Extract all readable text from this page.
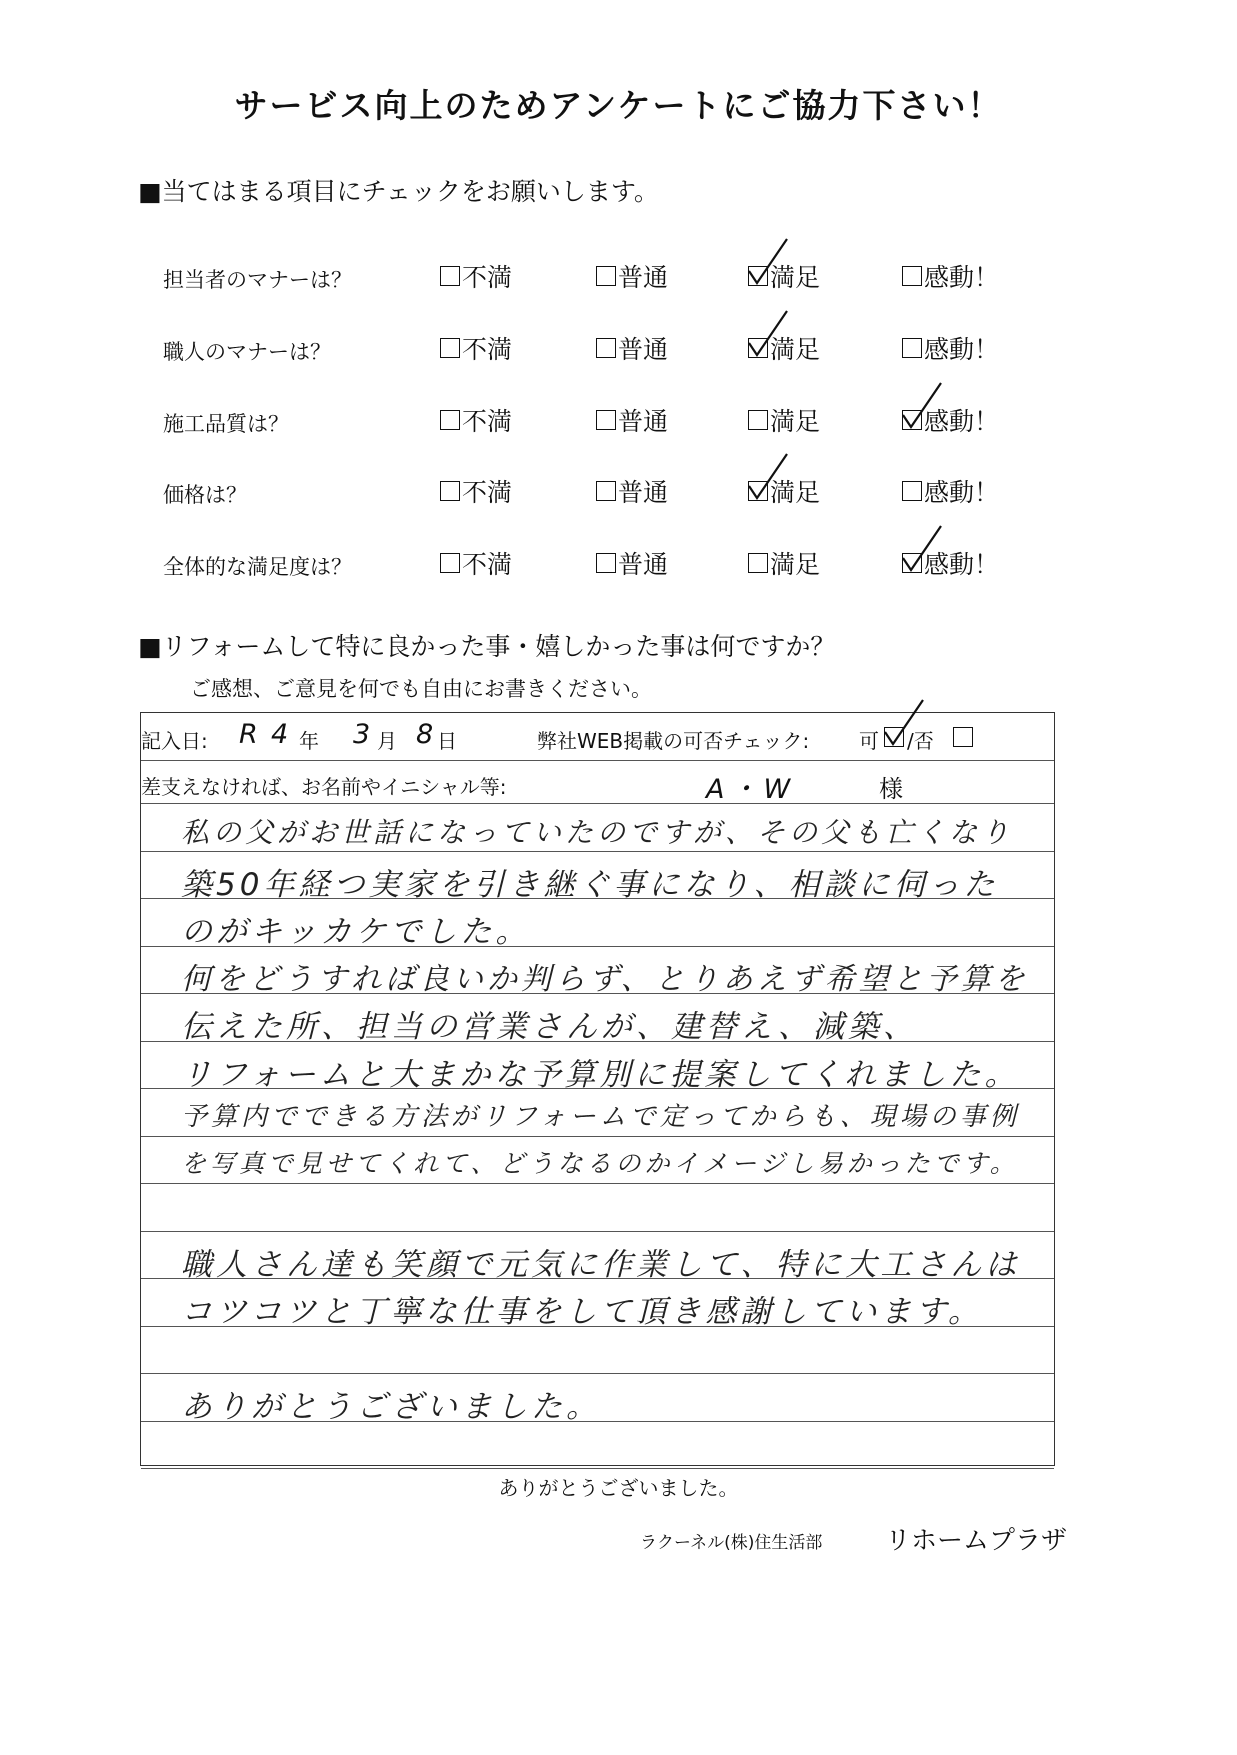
サービス向上のためアンケートにご協力下さい！
■当てはまる項目にチェックをお願いします。
担当者のマナーは？	不満	普通	満足	感動！
職人のマナーは？	不満	普通	満足	感動！
施工品質は？	不満	普通	満足	感動！
価格は？	不満	普通	満足	感動！
全体的な満足度は？	不満	普通	満足	感動！
■リフォームして特に良かった事・嬉しかった事は何ですか？
ご感想、ご意見を何でも自由にお書きください。
記入日: R 4 年 3 月 8 日	弊社WEB掲載の可否チェック: 可 /否
差支えなければ、お名前やイニシャル等:	A・W	様
私の父がお世話になっていたのですが、その父も亡くなり
築50年経つ実家を引き継ぐ事になり、相談に伺った
のがキッカケでした。
何をどうすれば良いか判らず、とりあえず希望と予算を
伝えた所、担当の営業さんが、建替え、減築、
リフォームと大まかな予算別に提案してくれました。
予算内でできる方法がリフォームで定ってからも、現場の事例
を写真で見せてくれて、どうなるのかイメージし易かったです。
職人さん達も笑顔で元気に作業して、特に大工さんは
コツコツと丁寧な仕事をして頂き感謝しています。
ありがとうございました。
ありがとうございました。
ラクーネル(株)住生活部 リホームプラザ
